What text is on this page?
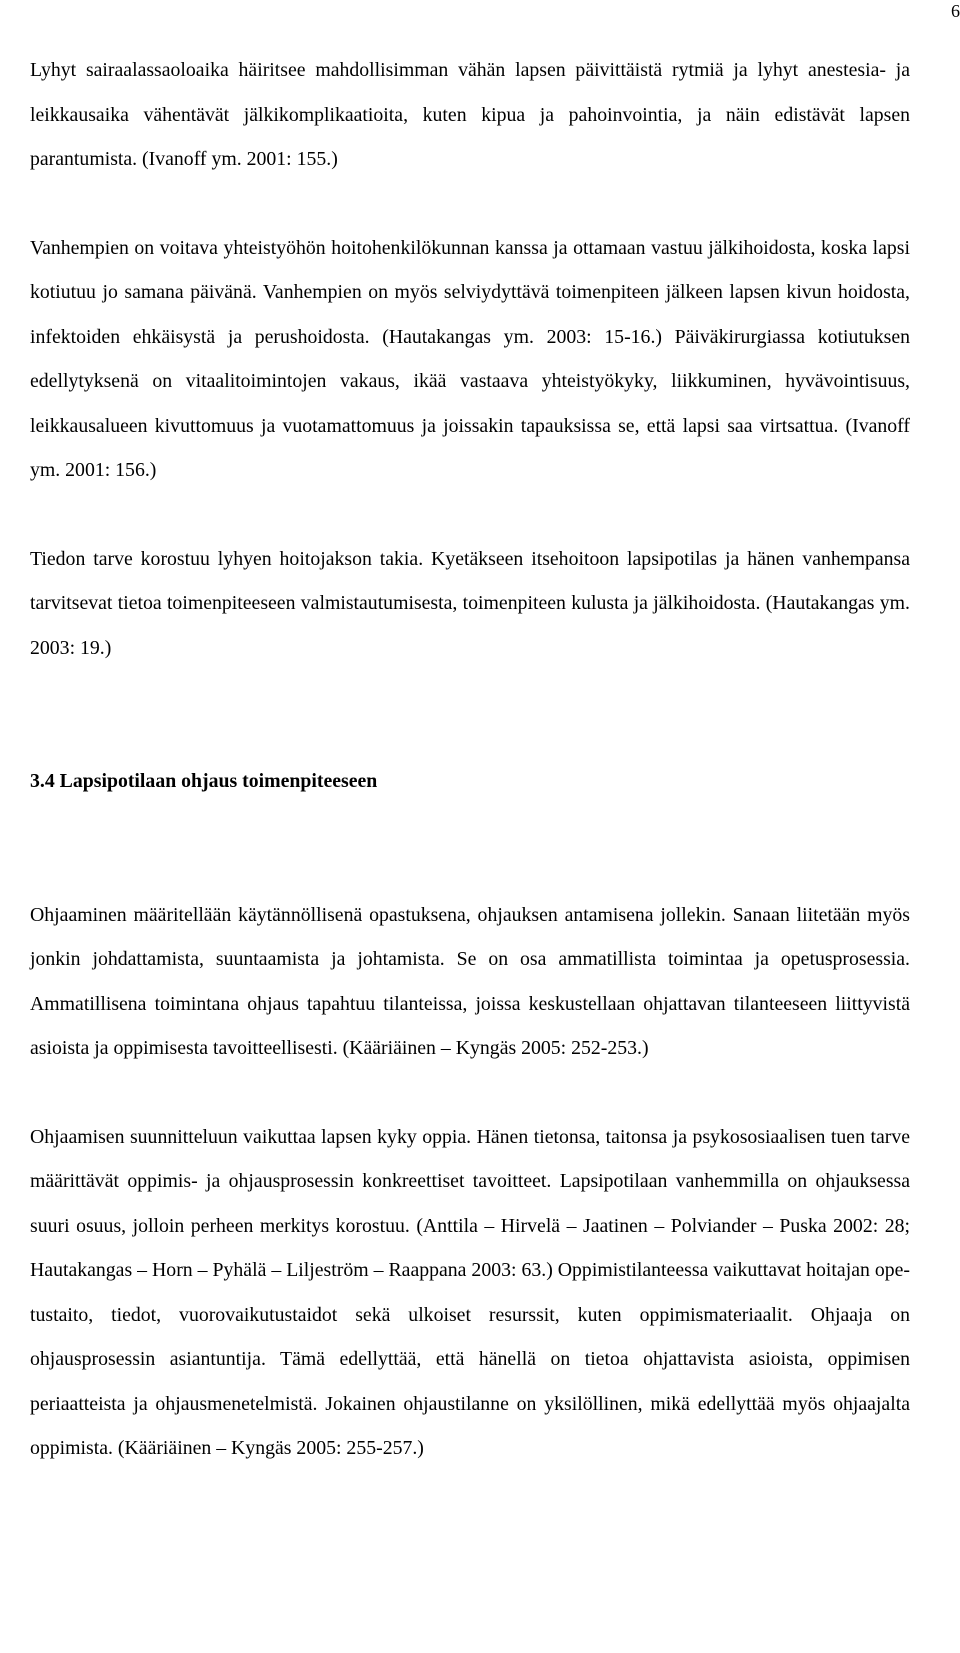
6

Lyhyt sairaalassaoloaika häiritsee mahdollisimman vähän lapsen päivittäistä rytmiä ja lyhyt anestesia- ja leikkausaika vähentävät jälkikomplikaatioita, kuten kipua ja pahoinvointia, ja näin edistävät lapsen parantumista. (Ivanoff ym. 2001: 155.)

Vanhempien on voitava yhteistyöhön hoitohenkilökunnan kanssa ja ottamaan vastuu jälkihoidosta, koska lapsi kotiutuu jo samana päivänä. Vanhempien on myös selviydyttävä toimenpiteen jälkeen lapsen kivun hoidosta, infektoiden ehkäisystä ja perushoidosta. (Hautakangas ym. 2003: 15-16.) Päiväkirurgiassa kotiutuksen edellytyksenä on vitaalitoimintojen vakaus, ikää vastaava yhteistyökyky, liikkuminen, hyvävointisuus, leikkausalueen kivuttomuus ja vuotamattomuus ja joissakin tapauksissa se, että lapsi saa virtsattua. (Ivanoff ym. 2001: 156.)

Tiedon tarve korostuu lyhyen hoitojakson takia. Kyetäkseen itsehoitoon lapsipotilas ja hänen vanhempansa tarvitsevat tietoa toimenpiteeseen valmistautumisesta, toimenpiteen kulusta ja jälkihoidosta. (Hautakangas ym. 2003: 19.)

3.4 Lapsipotilaan ohjaus toimenpiteeseen

Ohjaaminen määritellään käytännöllisenä opastuksena, ohjauksen antamisena jollekin. Sanaan liitetään myös jonkin johdattamista, suuntaamista ja johtamista. Se on osa ammatillista toimintaa ja opetusprosessia. Ammatillisena toimintana ohjaus tapahtuu tilanteissa, joissa keskustellaan ohjattavan tilanteeseen liittyvistä asioista ja oppimisesta tavoitteellisesti. (Kääriäinen – Kyngäs 2005: 252-253.)

Ohjaamisen suunnitteluun vaikuttaa lapsen kyky oppia. Hänen tietonsa, taitonsa ja psykososiaalisen tuen tarve määrittävät oppimis- ja ohjausprosessin konkreettiset tavoitteet. Lapsipotilaan vanhemmilla on ohjauksessa suuri osuus, jolloin perheen merkitys korostuu. (Anttila – Hirvelä – Jaatinen – Polviander – Puska 2002: 28; Hautakangas – Horn – Pyhälä – Liljeström – Raappana 2003: 63.) Oppimistilanteessa vaikuttavat hoitajan opetustaito, tiedot, vuorovaikutustaidot sekä ulkoiset resurssit, kuten oppimismateriaalit. Ohjaaja on ohjausprosessin asiantuntija. Tämä edellyttää, että hänellä on tietoa ohjattavista asioista, oppimisen periaatteista ja ohjausmenetelmistä. Jokainen ohjaustilanne on yksilöllinen, mikä edellyttää myös ohjaajalta oppimista. (Kääriäinen – Kyngäs 2005: 255-257.)
